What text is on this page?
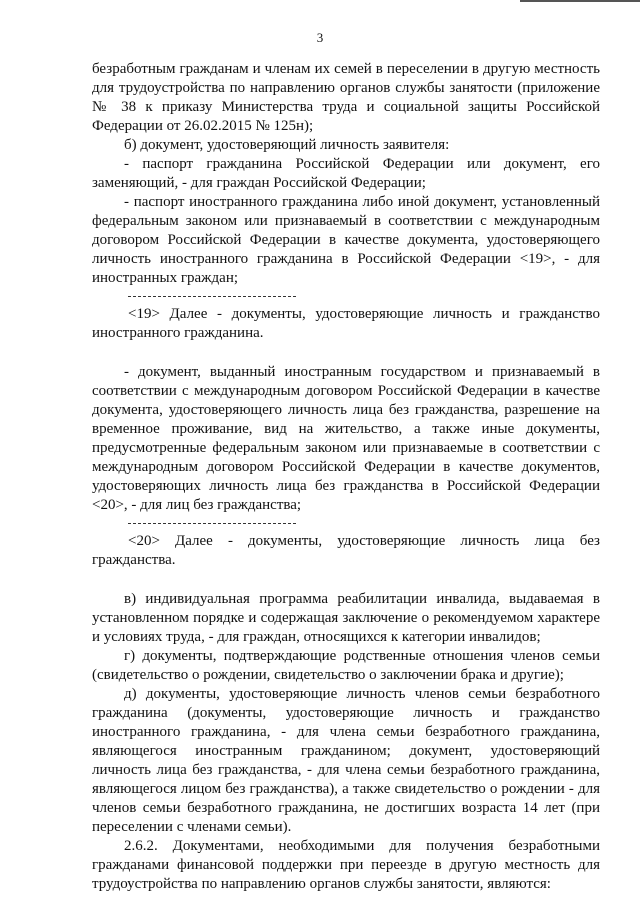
3

безработным гражданам и членам их семей в переселении в другую местность для трудоустройства по направлению органов службы занятости (приложение № 38 к приказу Министерства труда и социальной защиты Российской Федерации от 26.02.2015 № 125н);

б) документ, удостоверяющий личность заявителя:

- паспорт гражданина Российской Федерации или документ, его заменяющий, - для граждан Российской Федерации;

- паспорт иностранного гражданина либо иной документ, установленный федеральным законом или признаваемый в соответствии с международным договором Российской Федерации в качестве документа, удостоверяющего личность иностранного гражданина в Российской Федерации <19>, - для иностранных граждан;

<19> Далее - документы, удостоверяющие личность и гражданство иностранного гражданина.

- документ, выданный иностранным государством и признаваемый в соответствии с международным договором Российской Федерации в качестве документа, удостоверяющего личность лица без гражданства, разрешение на временное проживание, вид на жительство, а также иные документы, предусмотренные федеральным законом или признаваемые в соответствии с международным договором Российской Федерации в качестве документов, удостоверяющих личность лица без гражданства в Российской Федерации <20>, - для лиц без гражданства;

<20> Далее - документы, удостоверяющие личность лица без гражданства.

в) индивидуальная программа реабилитации инвалида, выдаваемая в установленном порядке и содержащая заключение о рекомендуемом характере и условиях труда, - для граждан, относящихся к категории инвалидов;

г) документы, подтверждающие родственные отношения членов семьи (свидетельство о рождении, свидетельство о заключении брака и другие);

д) документы, удостоверяющие личность членов семьи безработного гражданина (документы, удостоверяющие личность и гражданство иностранного гражданина, - для члена семьи безработного гражданина, являющегося иностранным гражданином; документ, удостоверяющий личность лица без гражданства, - для члена семьи безработного гражданина, являющегося лицом без гражданства), а также свидетельство о рождении - для членов семьи безработного гражданина, не достигших возраста 14 лет (при переселении с членами семьи).

2.6.2. Документами, необходимыми для получения безработными гражданами финансовой поддержки при переезде в другую местность для трудоустройства по направлению органов службы занятости, являются:
